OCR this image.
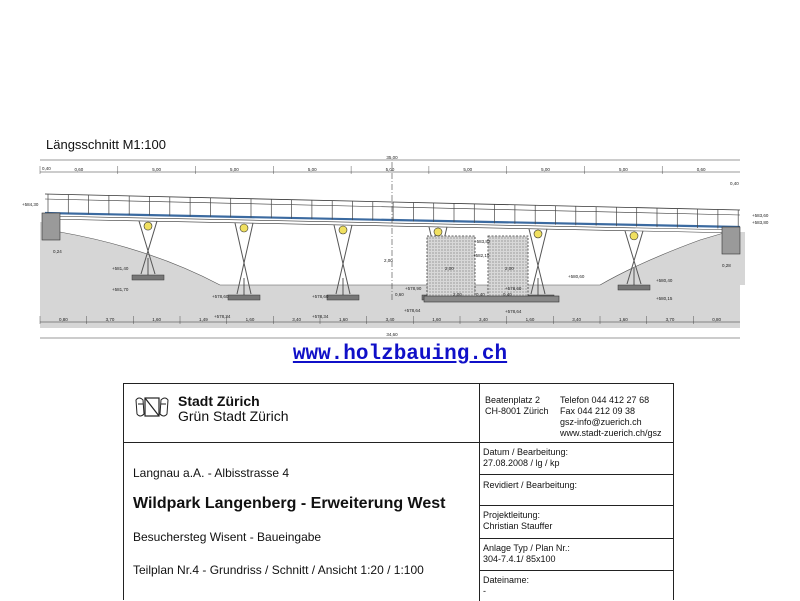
0,60	5,00	5,00	5,00	5,00	5,00	5,00	5,00	0,60
35,00
0,80	3,70	1,60	1,49	1,60	3,40	1,60	3,40	1,60	3,40	1,60	3,40	1,60	3,70	0,80
34,60
+584,30
+583,60
+583,80
+583,82
+581,40
+581,70
+578,60
+578,34
+578,60
+578,34
+578,90
+578,64
+578,60
+578,64
+580,60
+580,40
+580,15
+582,10
0,24
0,28
2,00	2,00
2,00
0,60	0,40	0,40
2,00
0,40
0,40
Längsschnitt M1:100
www.holzbauing.ch
Stadt Zürich
Grün Stadt Zürich
Beatenplatz 2
CH-8001 Zürich
Telefon 044 412 27 68
Fax 044 212 09 38
gsz-info@zuerich.ch
www.stadt-zuerich.ch/gsz
Langnau a.A. - Albisstrasse 4
Wildpark Langenberg - Erweiterung West
Besuchersteg Wisent - Baueingabe
Teilplan Nr.4 - Grundriss / Schnitt / Ansicht 1:20 / 1:100
Datum / Bearbeitung:
27.08.2008 / lg / kp
Revidiert / Bearbeitung:
Projektleitung:
Christian Stauffer
Anlage Typ / Plan Nr.:
304-7.4.1/ 85x100
Dateiname:
-
